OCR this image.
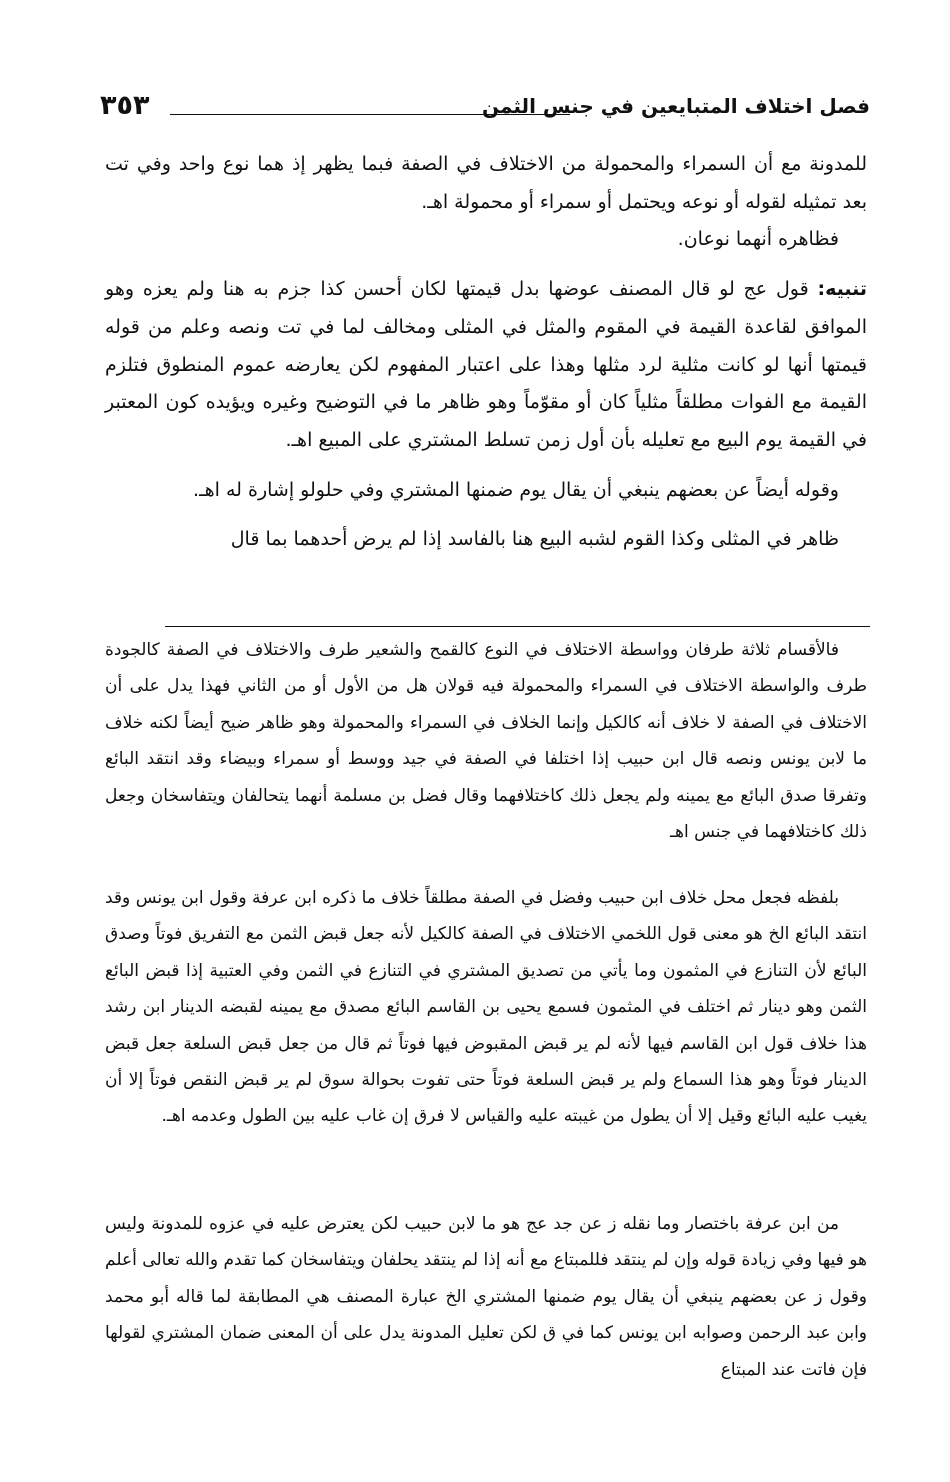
٣٥٣	فصل اختلاف المتبايعين في جنس الثمن

للمدونة مع أن السمراء والمحمولة من الاختلاف في الصفة فبما يظهر إذ هما نوع واحد وفي تت بعد تمثيله لقوله أو نوعه ويحتمل أو سمراء أو محمولة اهـ.

فظاهره أنهما نوعان.

تنبيه: قول عج لو قال المصنف عوضها بدل قيمتها لكان أحسن كذا جزم به هنا ولم يعزه وهو الموافق لقاعدة القيمة في المقوم والمثل في المثلى ومخالف لما في تت ونصه وعلم من قوله قيمتها أنها لو كانت مثلية لرد مثلها وهذا على اعتبار المفهوم لكن يعارضه عموم المنطوق فتلزم القيمة مع الفوات مطلقاً مثلياً كان أو مقوّماً وهو ظاهر ما في التوضيح وغيره ويؤيده كون المعتبر في القيمة يوم البيع مع تعليله بأن أول زمن تسلط المشتري على المبيع اهـ.

وقوله أيضاً عن بعضهم ينبغي أن يقال يوم ضمنها المشتري وفي حلولو إشارة له اهـ.

ظاهر في المثلى وكذا القوم لشبه البيع هنا بالفاسد إذا لم يرض أحدهما بما قال

فالأقسام ثلاثة طرفان وواسطة الاختلاف في النوع كالقمح والشعير طرف والاختلاف في الصفة كالجودة طرف والواسطة الاختلاف في السمراء والمحمولة فيه قولان هل من الأول أو من الثاني فهذا يدل على أن الاختلاف في الصفة لا خلاف أنه كالكيل وإنما الخلاف في السمراء والمحمولة وهو ظاهر ضيح أيضاً لكنه خلاف ما لابن يونس ونصه قال ابن حبيب إذا اختلفا في الصفة في جيد ووسط أو سمراء وبيضاء وقد انتقد البائع وتفرقا صدق البائع مع يمينه ولم يجعل ذلك كاختلافهما وقال فضل بن مسلمة أنهما يتحالفان ويتفاسخان وجعل ذلك كاختلافهما في جنس اهـ

بلفظه فجعل محل خلاف ابن حبيب وفضل في الصفة مطلقاً خلاف ما ذكره ابن عرفة وقول ابن يونس وقد انتقد البائع الخ هو معنى قول اللخمي الاختلاف في الصفة كالكيل لأنه جعل قبض الثمن مع التفريق فوتاً وصدق البائع لأن التنازع في المثمون وما يأتي من تصديق المشتري في التنازع في الثمن وفي العتبية إذا قبض البائع الثمن وهو دينار ثم اختلف في المثمون فسمع يحيى بن القاسم البائع مصدق مع يمينه لقبضه الدينار ابن رشد هذا خلاف قول ابن القاسم فيها لأنه لم ير قبض المقبوض فيها فوتاً ثم قال من جعل قبض السلعة جعل قبض الدينار فوتاً وهو هذا السماع ولم ير قبض السلعة فوتاً حتى تفوت بحوالة سوق لم ير قبض النقص فوتاً إلا أن يغيب عليه البائع وقيل إلا أن يطول من غيبته عليه والقياس لا فرق إن غاب عليه بين الطول وعدمه اهـ.

من ابن عرفة باختصار وما نقله ز عن جد عج هو ما لابن حبيب لكن يعترض عليه في عزوه للمدونة وليس هو فيها وفي زيادة قوله وإن لم ينتقد فللمبتاع مع أنه إذا لم ينتقد يحلفان ويتفاسخان كما تقدم والله تعالى أعلم وقول ز عن بعضهم ينبغي أن يقال يوم ضمنها المشتري الخ عبارة المصنف هي المطابقة لما قاله أبو محمد وابن عبد الرحمن وصوابه ابن يونس كما في ق لكن تعليل المدونة يدل على أن المعنى ضمان المشتري لقولها فإن فاتت عند المبتاع
